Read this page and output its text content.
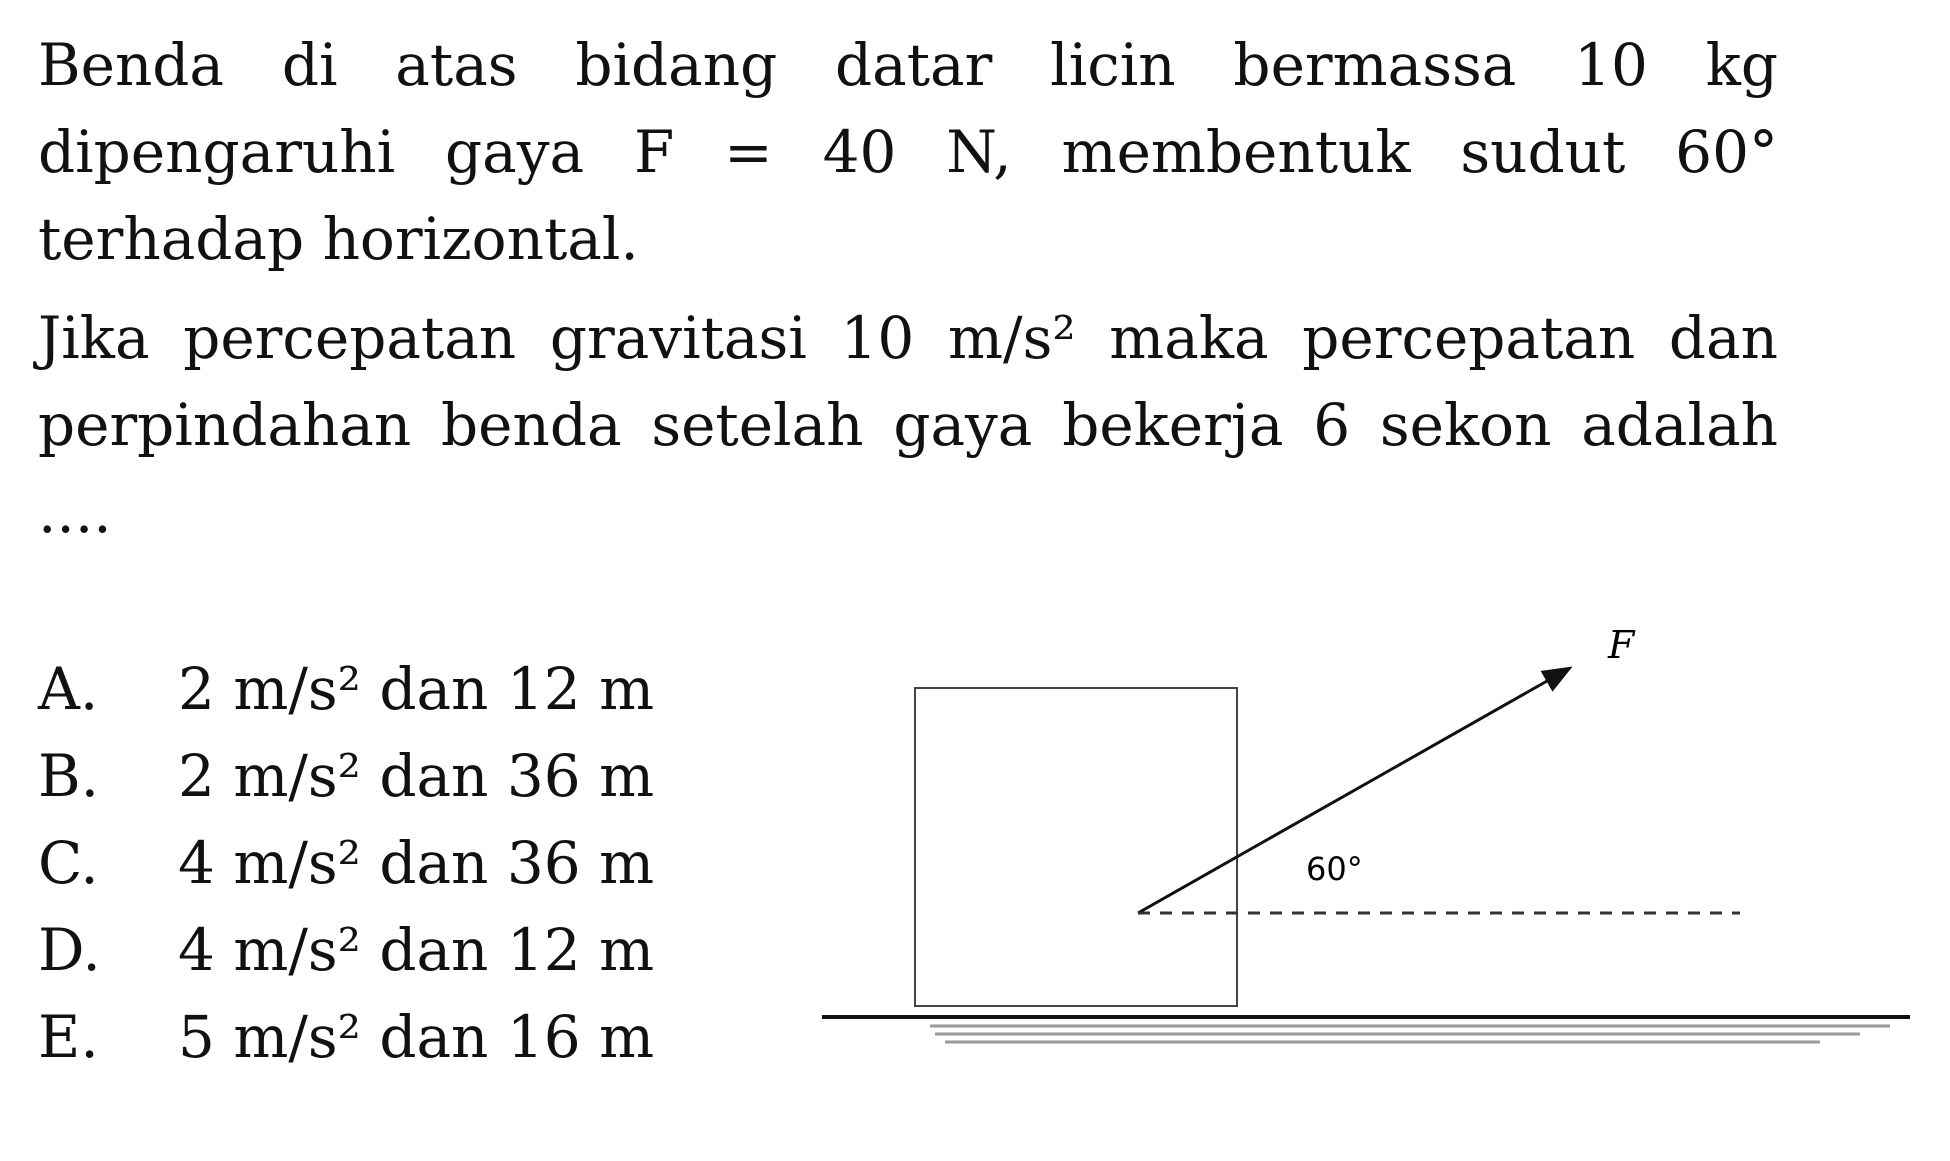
Benda di atas bidang datar licin bermassa 10 kg dipengaruhi gaya F = 40 N, membentuk sudut 60° terhadap horizontal.

Jika percepatan gravitasi 10 m/s² maka percepatan dan perpindahan benda setelah gaya bekerja 6 sekon adalah ....

A.	2 m/s² dan 12 m
B.	2 m/s² dan 36 m
C.	4 m/s² dan 36 m
D.	4 m/s² dan 12 m
E.	5 m/s² dan 16 m
F
60°
